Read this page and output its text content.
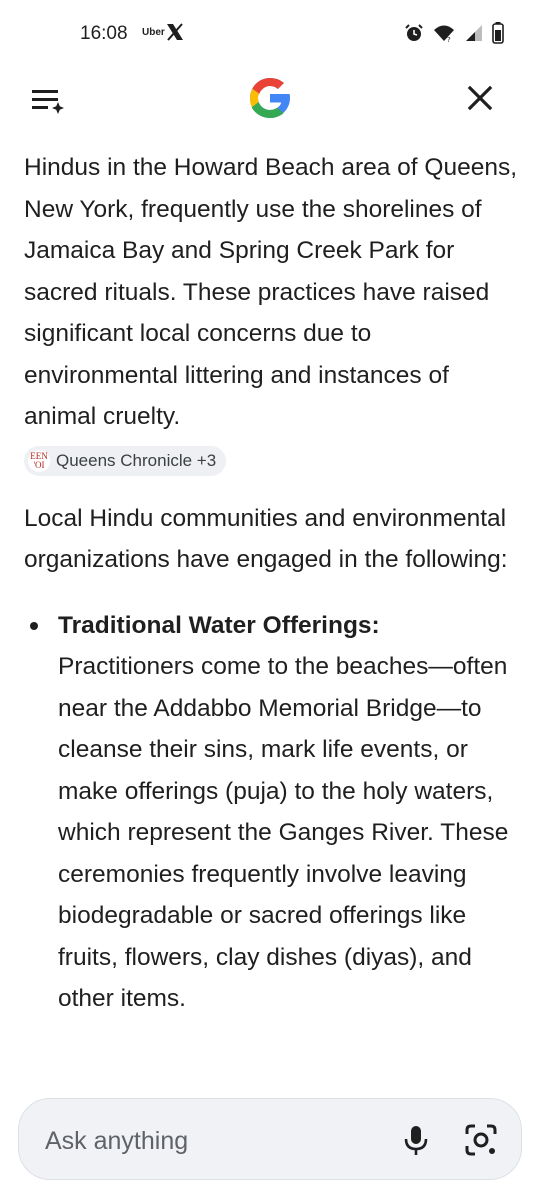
16:08 Uber
?

Hindus in the Howard Beach area of Queens, New York, frequently use the shorelines of Jamaica Bay and Spring Creek Park for sacred rituals. These practices have raised significant local concerns due to environmental littering and instances of animal cruelty.

EEN
'OI Queens Chronicle +3

Local Hindu communities and environmental organizations have engaged in the following:

Traditional Water Offerings:
Practitioners come to the beaches—often near the Addabbo Memorial Bridge—to cleanse their sins, mark life events, or make offerings (puja) to the holy waters, which represent the Ganges River. These ceremonies frequently involve leaving biodegradable or sacred offerings like fruits, flowers, clay dishes (diyas), and other items.
Ask anything
